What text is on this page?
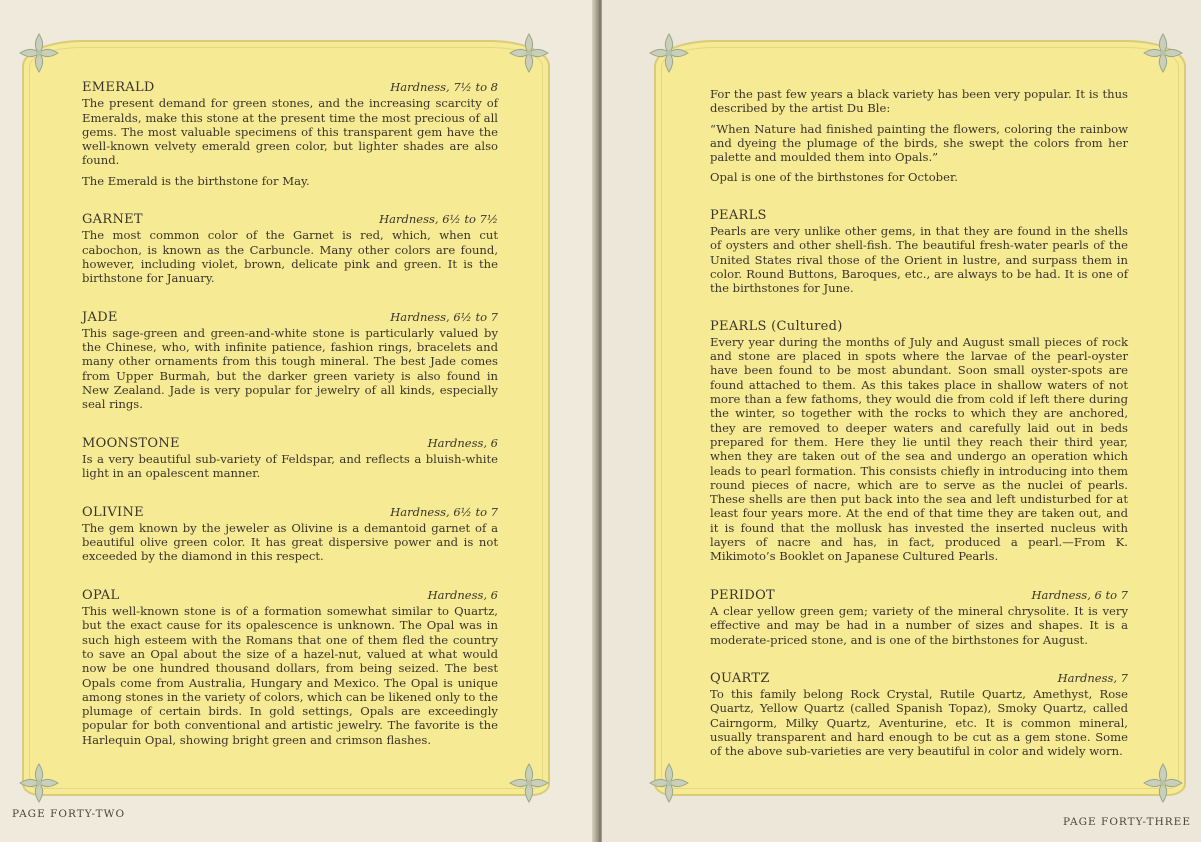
EMERALD	Hardness, 7½ to 8

The present demand for green stones, and the increasing scarcity of Emeralds, make this stone at the present time the most precious of all gems. The most valuable specimens of this transparent gem have the well-known velvety emerald green color, but lighter shades are also found.

The Emerald is the birthstone for May.

GARNET	Hardness, 6½ to 7½

The most common color of the Garnet is red, which, when cut cabochon, is known as the Carbuncle. Many other colors are found, however, including violet, brown, delicate pink and green. It is the birthstone for January.

JADE	Hardness, 6½ to 7

This sage-green and green-and-white stone is particularly valued by the Chinese, who, with infinite patience, fashion rings, bracelets and many other ornaments from this tough mineral. The best Jade comes from Upper Burmah, but the darker green variety is also found in New Zealand. Jade is very popular for jewelry of all kinds, especially seal rings.

MOONSTONE	Hardness, 6

Is a very beautiful sub-variety of Feldspar, and reflects a bluish-white light in an opalescent manner.

OLIVINE	Hardness, 6½ to 7

The gem known by the jeweler as Olivine is a demantoid garnet of a beautiful olive green color. It has great dispersive power and is not exceeded by the diamond in this respect.

OPAL	Hardness, 6

This well-known stone is of a formation somewhat similar to Quartz, but the exact cause for its opalescence is unknown. The Opal was in such high esteem with the Romans that one of them fled the country to save an Opal about the size of a hazel-nut, valued at what would now be one hundred thousand dollars, from being seized. The best Opals come from Australia, Hungary and Mexico. The Opal is unique among stones in the variety of colors, which can be likened only to the plumage of certain birds. In gold settings, Opals are exceedingly popular for both conventional and artistic jewelry. The favorite is the Harlequin Opal, showing bright green and crimson flashes.

PAGE FORTY-TWO

For the past few years a black variety has been very popular. It is thus described by the artist Du Ble:

“When Nature had finished painting the flowers, coloring the rainbow and dyeing the plumage of the birds, she swept the colors from her palette and moulded them into Opals.”

Opal is one of the birthstones for October.

PEARLS

Pearls are very unlike other gems, in that they are found in the shells of oysters and other shell-fish. The beautiful fresh-water pearls of the United States rival those of the Orient in lustre, and surpass them in color. Round Buttons, Baroques, etc., are always to be had. It is one of the birthstones for June.

PEARLS (Cultured)

Every year during the months of July and August small pieces of rock and stone are placed in spots where the larvae of the pearl-oyster have been found to be most abundant. Soon small oyster-spots are found attached to them. As this takes place in shallow waters of not more than a few fathoms, they would die from cold if left there during the winter, so together with the rocks to which they are anchored, they are removed to deeper waters and carefully laid out in beds prepared for them. Here they lie until they reach their third year, when they are taken out of the sea and undergo an operation which leads to pearl formation. This consists chiefly in introducing into them round pieces of nacre, which are to serve as the nuclei of pearls. These shells are then put back into the sea and left undisturbed for at least four years more. At the end of that time they are taken out, and it is found that the mollusk has invested the inserted nucleus with layers of nacre and has, in fact, produced a pearl.—From K. Mikimoto’s Booklet on Japanese Cultured Pearls.

PERIDOT	Hardness, 6 to 7

A clear yellow green gem; variety of the mineral chrysolite. It is very effective and may be had in a number of sizes and shapes. It is a moderate-priced stone, and is one of the birthstones for August.

QUARTZ	Hardness, 7

To this family belong Rock Crystal, Rutile Quartz, Amethyst, Rose Quartz, Yellow Quartz (called Spanish Topaz), Smoky Quartz, called Cairngorm, Milky Quartz, Aventurine, etc. It is common mineral, usually transparent and hard enough to be cut as a gem stone. Some of the above sub-varieties are very beautiful in color and widely worn.

PAGE FORTY-THREE
